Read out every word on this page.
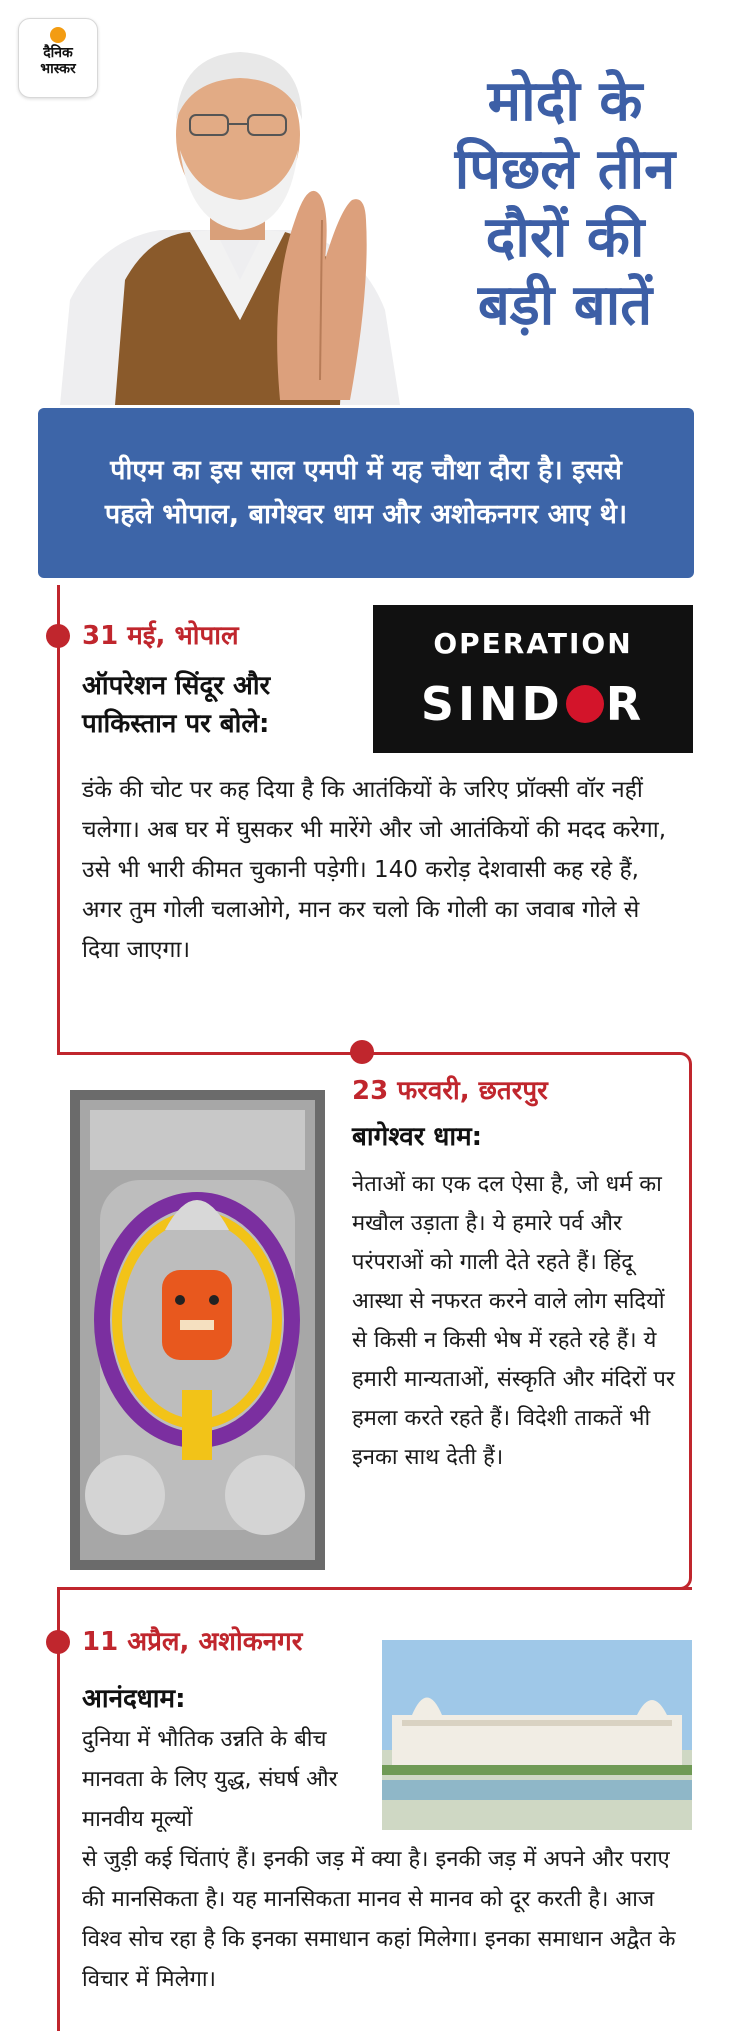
दैनिक
भास्कर	मोदी के
पिछले तीन
दौरों की
बड़ी बातें
पीएम का इस साल एमपी में यह चौथा दौरा है। इससे पहले भोपाल, बागेश्वर धाम और अशोकनगर आए थे।
31 मई, भोपाल
ऑपरेशन सिंदूर और पाकिस्तान पर बोले:
OPERATION
SIND R
डंके की चोट पर कह दिया है कि आतंकियों के जरिए प्रॉक्सी वॉर नहीं चलेगा। अब घर में घुसकर भी मारेंगे और जो आतंकियों की मदद करेगा, उसे भी भारी कीमत चुकानी पड़ेगी। 140 करोड़ देशवासी कह रहे हैं, अगर तुम गोली चलाओगे, मान कर चलो कि गोली का जवाब गोले से दिया जाएगा।
23 फरवरी, छतरपुर
बागेश्वर धाम:
नेताओं का एक दल ऐसा है, जो धर्म का मखौल उड़ाता है। ये हमारे पर्व और परंपराओं को गाली देते रहते हैं। हिंदू आस्था से नफरत करने वाले लोग सदियों से किसी न किसी भेष में रहते रहे हैं। ये हमारी मान्यताओं, संस्कृति और मंदिरों पर हमला करते रहते हैं। विदेशी ताकतें भी इनका साथ देती हैं।
11 अप्रैल, अशोकनगर
आनंदधाम:
दुनिया में भौतिक उन्नति के बीच मानवता के लिए युद्ध, संघर्ष और मानवीय मूल्यों
से जुड़ी कई चिंताएं हैं। इनकी जड़ में क्या है। इनकी जड़ में अपने और पराए की मानसिकता है। यह मानसिकता मानव से मानव को दूर करती है। आज विश्व सोच रहा है कि इनका समाधान कहां मिलेगा। इनका समाधान अद्वैत के विचार में मिलेगा।
